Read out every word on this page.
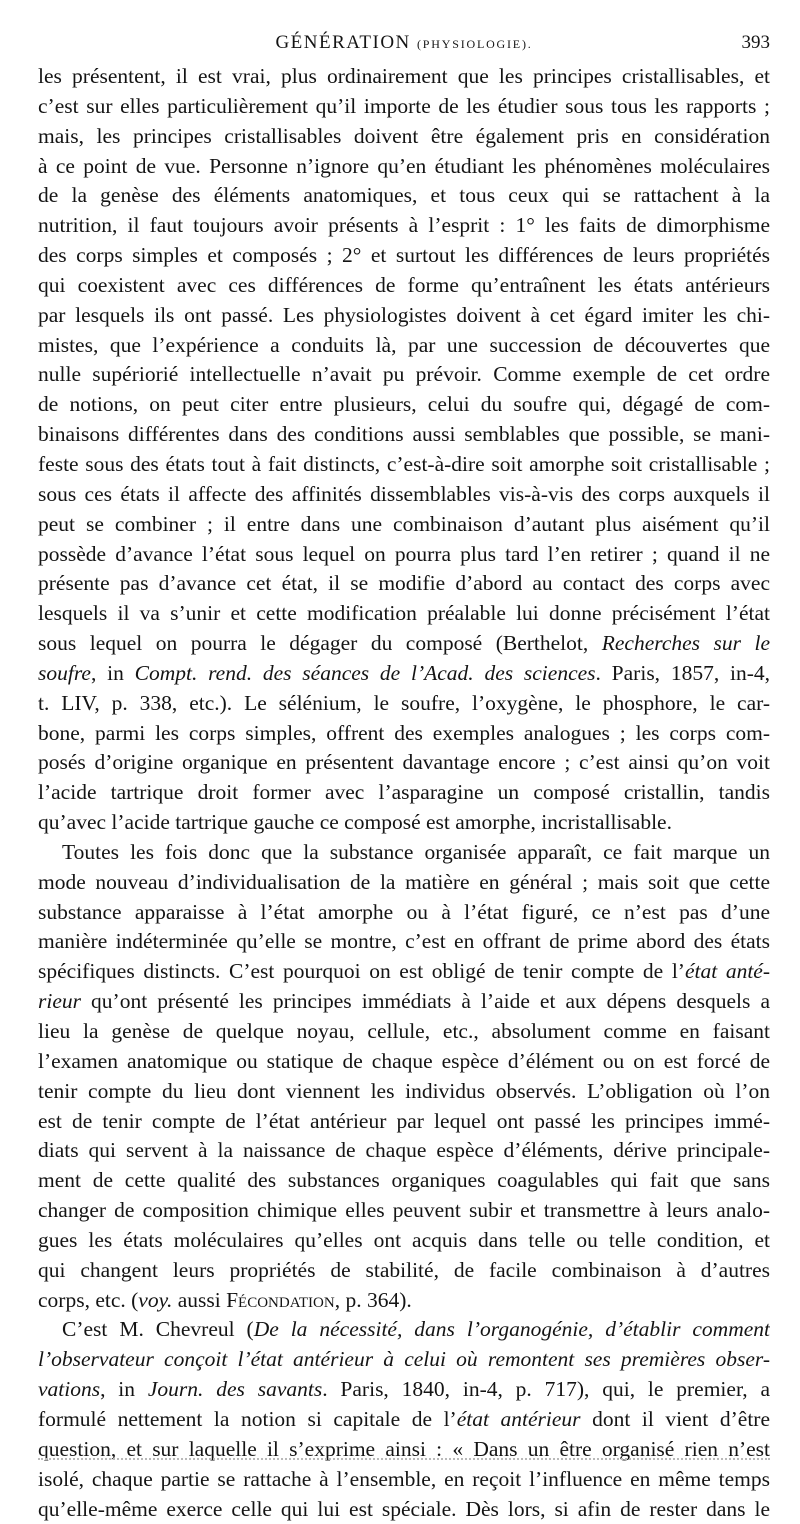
GÉNÉRATION (PHYSIOLOGIE).	393
les présentent, il est vrai, plus ordinairement que les principes cristallisables, et
c’est sur elles particulièrement qu’il importe de les étudier sous tous les rapports ;
mais, les principes cristallisables doivent être également pris en considération
à ce point de vue. Personne n’ignore qu’en étudiant les phénomènes moléculaires
de la genèse des éléments anatomiques, et tous ceux qui se rattachent à la
nutrition, il faut toujours avoir présents à l’esprit : 1° les faits de dimorphisme
des corps simples et composés ; 2° et surtout les différences de leurs propriétés
qui coexistent avec ces différences de forme qu’entraînent les états antérieurs
par lesquels ils ont passé. Les physiologistes doivent à cet égard imiter les chi-
mistes, que l’expérience a conduits là, par une succession de découvertes que
nulle supériorié intellectuelle n’avait pu prévoir. Comme exemple de cet ordre
de notions, on peut citer entre plusieurs, celui du soufre qui, dégagé de com-
binaisons différentes dans des conditions aussi semblables que possible, se mani-
feste sous des états tout à fait distincts, c’est-à-dire soit amorphe soit cristallisable ;
sous ces états il affecte des affinités dissemblables vis-à-vis des corps auxquels il
peut se combiner ; il entre dans une combinaison d’autant plus aisément qu’il
possède d’avance l’état sous lequel on pourra plus tard l’en retirer ; quand il ne
présente pas d’avance cet état, il se modifie d’abord au contact des corps avec
lesquels il va s’unir et cette modification préalable lui donne précisément l’état
sous lequel on pourra le dégager du composé (Berthelot, Recherches sur le
soufre, in Compt. rend. des séances de l’Acad. des sciences. Paris, 1857, in-4,
t. LIV, p. 338, etc.). Le sélénium, le soufre, l’oxygène, le phosphore, le car-
bone, parmi les corps simples, offrent des exemples analogues ; les corps com-
posés d’origine organique en présentent davantage encore ; c’est ainsi qu’on voit
l’acide tartrique droit former avec l’asparagine un composé cristallin, tandis
qu’avec l’acide tartrique gauche ce composé est amorphe, incristallisable.
Toutes les fois donc que la substance organisée apparaît, ce fait marque un
mode nouveau d’individualisation de la matière en général ; mais soit que cette
substance apparaisse à l’état amorphe ou à l’état figuré, ce n’est pas d’une
manière indéterminée qu’elle se montre, c’est en offrant de prime abord des états
spécifiques distincts. C’est pourquoi on est obligé de tenir compte de l’état anté-
rieur qu’ont présenté les principes immédiats à l’aide et aux dépens desquels a
lieu la genèse de quelque noyau, cellule, etc., absolument comme en faisant
l’examen anatomique ou statique de chaque espèce d’élément ou on est forcé de
tenir compte du lieu dont viennent les individus observés. L’obligation où l’on
est de tenir compte de l’état antérieur par lequel ont passé les principes immé-
diats qui servent à la naissance de chaque espèce d’éléments, dérive principale-
ment de cette qualité des substances organiques coagulables qui fait que sans
changer de composition chimique elles peuvent subir et transmettre à leurs analo-
gues les états moléculaires qu’elles ont acquis dans telle ou telle condition, et
qui changent leurs propriétés de stabilité, de facile combinaison à d’autres
corps, etc. (voy. aussi Fécondation, p. 364).
C’est M. Chevreul (De la nécessité, dans l’organogénie, d’établir comment
l’observateur conçoit l’état antérieur à celui où remontent ses premières obser-
vations, in Journ. des savants. Paris, 1840, in-4, p. 717), qui, le premier, a
formulé nettement la notion si capitale de l’état antérieur dont il vient d’être
question, et sur laquelle il s’exprime ainsi : « Dans un être organisé rien n’est
isolé, chaque partie se rattache à l’ensemble, en reçoit l’influence en même temps
qu’elle-même exerce celle qui lui est spéciale. Dès lors, si afin de rester dans le
